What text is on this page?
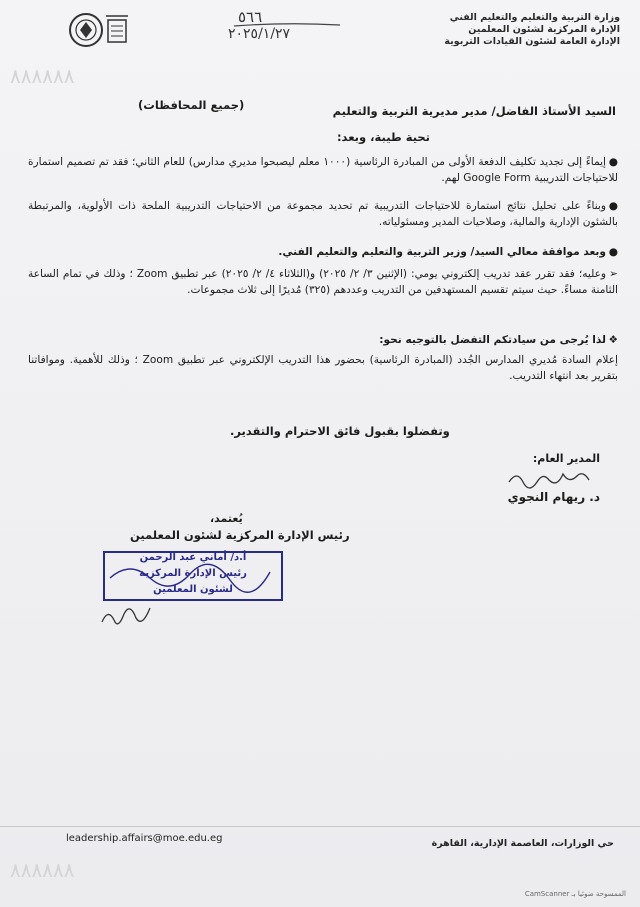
٨٨٨٨٨٨
٨٨٨٨٨٨
وزارة التربية والتعليم والتعليم الفني
الإدارة المركزية لشئون المعلمين
الإدارة العامة لشئون القيادات التربوية
٥٦٦
٢٠٢٥/١/٢٧
(جميع المحافظات)	السيد الأستاذ الفاضل/ مدير مديرية التربية والتعليم
تحية طيبة، وبعد:
●إيماءً إلى تجديد تكليف الدفعة الأولى من المبادرة الرئاسية (١٠٠٠ معلم ليصبحوا مديري مدارس) للعام الثاني؛ فقد تم تصميم استمارة للاحتياجات التدريبية Google Form لهم.
●وبناءً على تحليل نتائج استمارة للاحتياجات التدريبية تم تحديد مجموعة من الاحتياجات التدريبية الملحة ذات الأولوية، والمرتبطة بالشئون الإدارية والمالية، وصلاحيات المدير ومسئولياته.
●وبعد موافقة معالي السيد/ وزير التربية والتعليم والتعليم الفني.
➢وعليه؛ فقد تقرر عقد تدريب إلكتروني يومي: (الإثنين ٣/ ٢/ ٢٠٢٥) و(الثلاثاء ٤/ ٢/ ٢٠٢٥) عبر تطبيق Zoom ؛ وذلك في تمام الساعة الثامنة مساءً. حيث سيتم تقسيم المستهدفين من التدريب وعددهم (٣٢٥) مُديرًا إلى ثلاث مجموعات.
❖لذا يُرجى من سيادتكم التفضل بالتوجيه نحو:
إعلام السادة مُديري المدارس الجُدد (المبادرة الرئاسية) بحضور هذا التدريب الإلكتروني عبر تطبيق Zoom ؛ وذلك للأهمية. وموافاتنا بتقرير بعد انتهاء التدريب.
وتفضلوا بقبول فائق الاحترام والتقدير.
المدير العام:
د. ريهام النجوي
يُعتمد،
رئيس الإدارة المركزية لشئون المعلمين
أ.د/ أماني عبد الرحمن
رئيس الإدارة المركزية
لشئون المعلمين
leadership.affairs@moe.edu.eg	حي الوزارات، العاصمة الإدارية، القاهرة
الممسوحة ضوئيا بـ CamScanner
